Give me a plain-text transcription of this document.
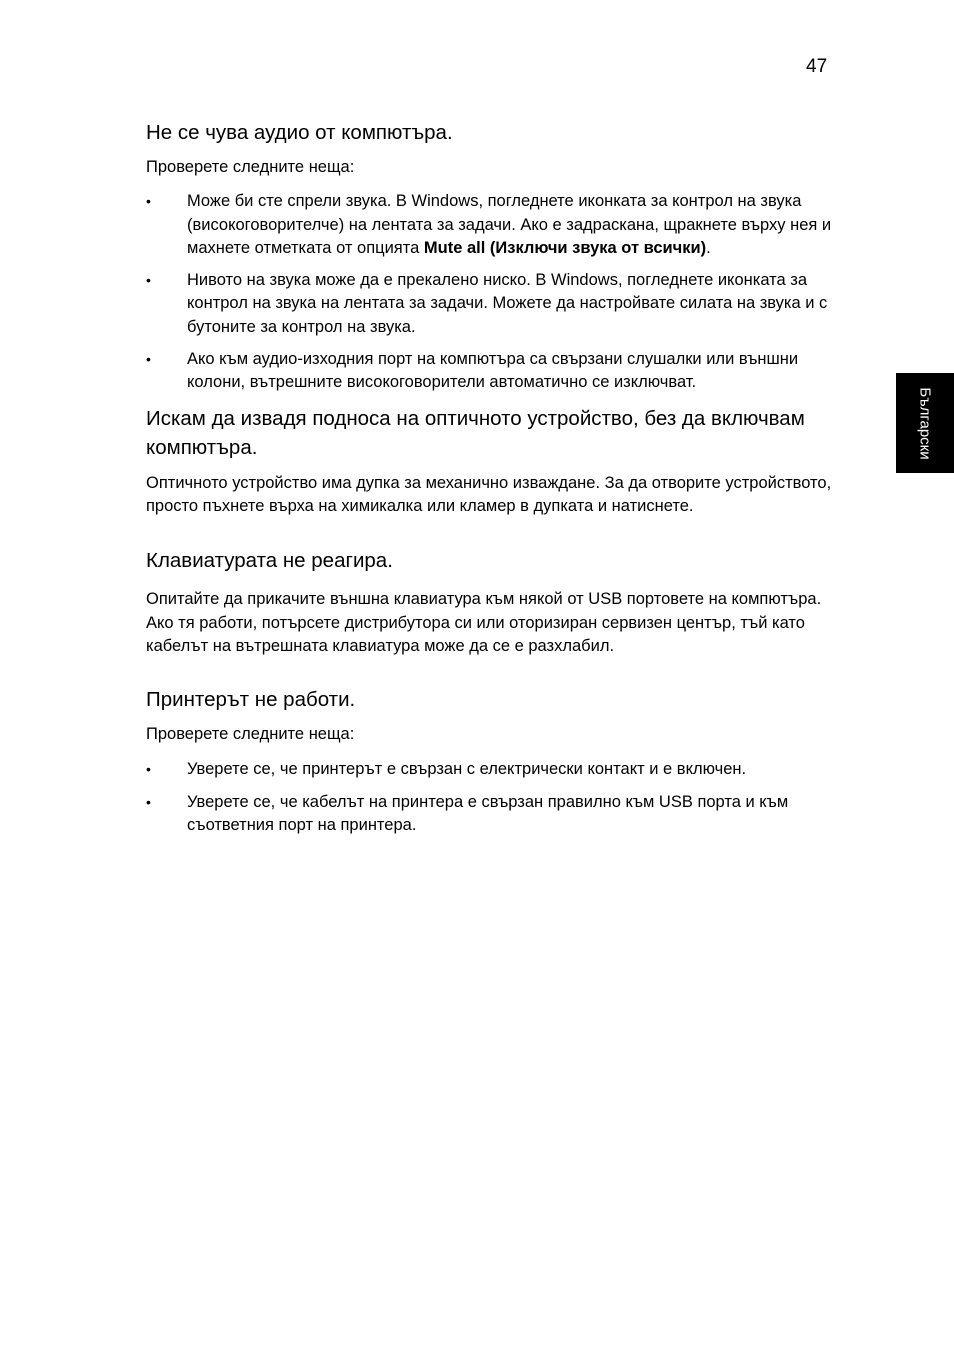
47
Български
Не се чува аудио от компютъра.

Проверете следните неща:

• Може би сте спрели звука. В Windows, погледнете иконката за контрол на звука (високоговорителче) на лентата за задачи. Ако е задраскана, щракнете върху нея и махнете отметката от опцията Mute all (Изключи звука от всички).
• Нивото на звука може да е прекалено ниско. В Windows, погледнете иконката за контрол на звука на лентата за задачи. Можете да настройвате силата на звука и с бутоните за контрол на звука.
• Ако към аудио-изходния порт на компютъра са свързани слушалки или външни колони, вътрешните високоговорители автоматично се изключват.
Искам да извадя подноса на оптичното устройство, без да включвам компютъра.

Оптичното устройство има дупка за механично изваждане. За да отворите устройството, просто пъхнете върха на химикалка или кламер в дупката и натиснете.

Клавиатурата не реагира.

Опитайте да прикачите външна клавиатура към някой от USB портовете на компютъра. Ако тя работи, потърсете дистрибутора си или оторизиран сервизен център, тъй като кабелът на вътрешната клавиатура може да се е разхлабил.

Принтерът не работи.

Проверете следните неща:

• Уверете се, че принтерът е свързан с електрически контакт и е включен.
• Уверете се, че кабелът на принтера е свързан правилно към USB порта и към съответния порт на принтера.
